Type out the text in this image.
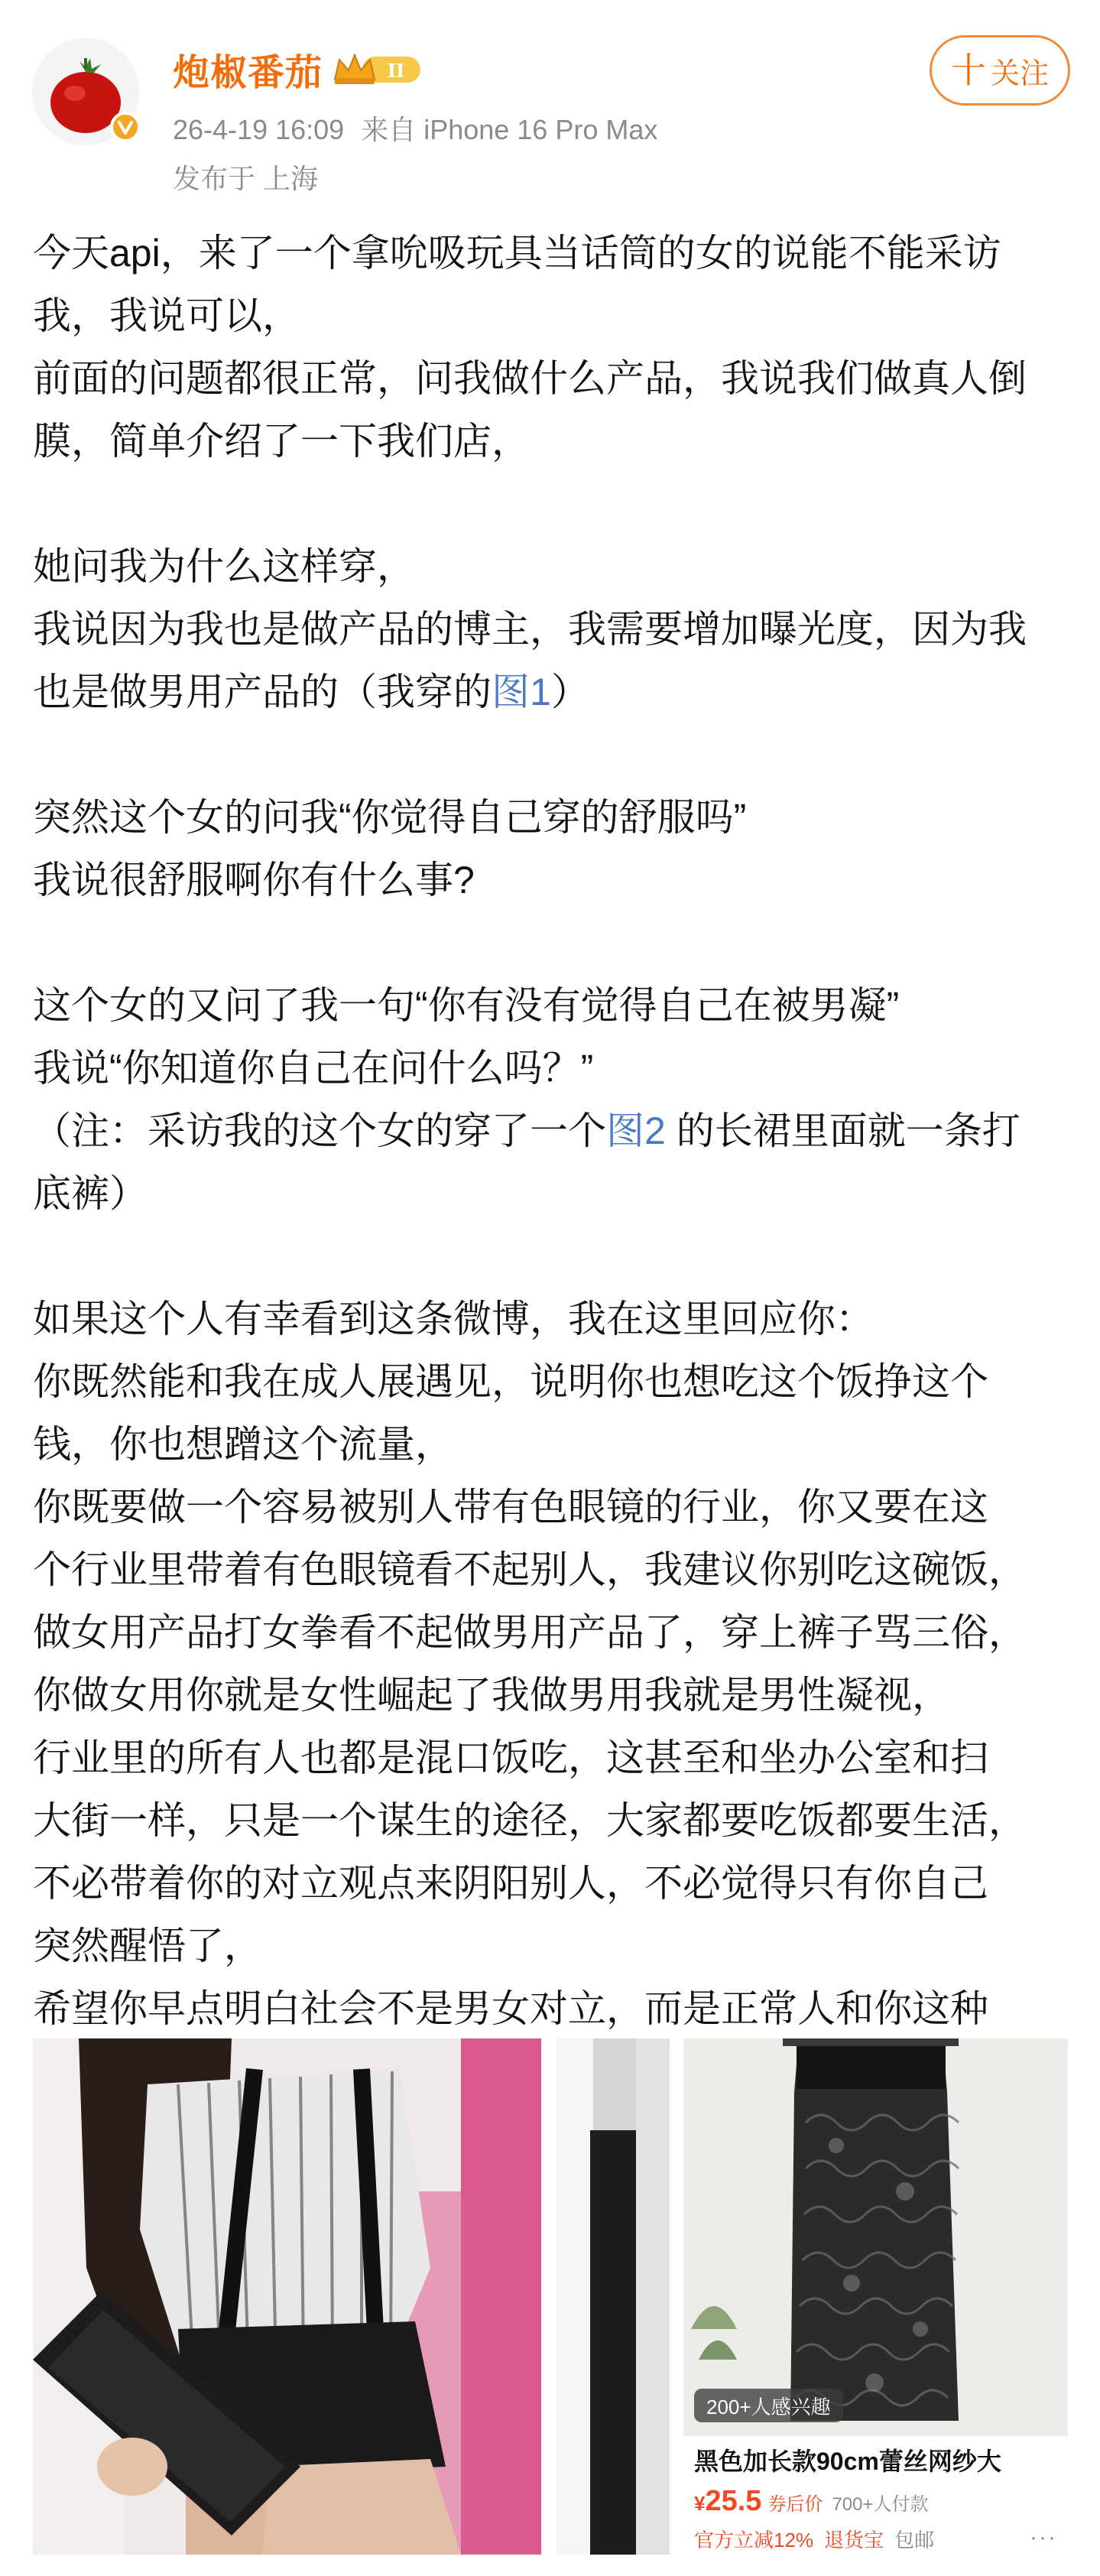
炮椒番茄	II
26-4-19 16:09 来自 iPhone 16 Pro Max
发布于 上海
十 关注

今天api，来了一个拿吮吸玩具当话筒的女的说能不能采访

我，我说可以，

前面的问题都很正常，问我做什么产品，我说我们做真人倒

膜，简单介绍了一下我们店，

她问我为什么这样穿，

我说因为我也是做产品的博主，我需要增加曝光度，因为我

也是做男用产品的（我穿的图1）

突然这个女的问我“你觉得自己穿的舒服吗”

我说很舒服啊你有什么事?

这个女的又问了我一句“你有没有觉得自己在被男凝”

我说“你知道你自己在问什么吗？”

（注：采访我的这个女的穿了一个图2 的长裙里面就一条打

底裤）

如果这个人有幸看到这条微博，我在这里回应你：

你既然能和我在成人展遇见，说明你也想吃这个饭挣这个

钱，你也想蹭这个流量，

你既要做一个容易被别人带有色眼镜的行业，你又要在这

个行业里带着有色眼镜看不起别人，我建议你别吃这碗饭，

做女用产品打女拳看不起做男用产品了，穿上裤子骂三俗，

你做女用你就是女性崛起了我做男用我就是男性凝视，

行业里的所有人也都是混口饭吃，这甚至和坐办公室和扫

大街一样，只是一个谋生的途径，大家都要吃饭都要生活，

不必带着你的对立观点来阴阳别人，不必觉得只有你自己

突然醒悟了，

希望你早点明白社会不是男女对立，而是正常人和你这种

200+人感兴趣
黑色加长款90cm蕾丝网纱大
¥ 25.5 券后价 700+人付款
官方立减12% 退货宝 包邮	···
